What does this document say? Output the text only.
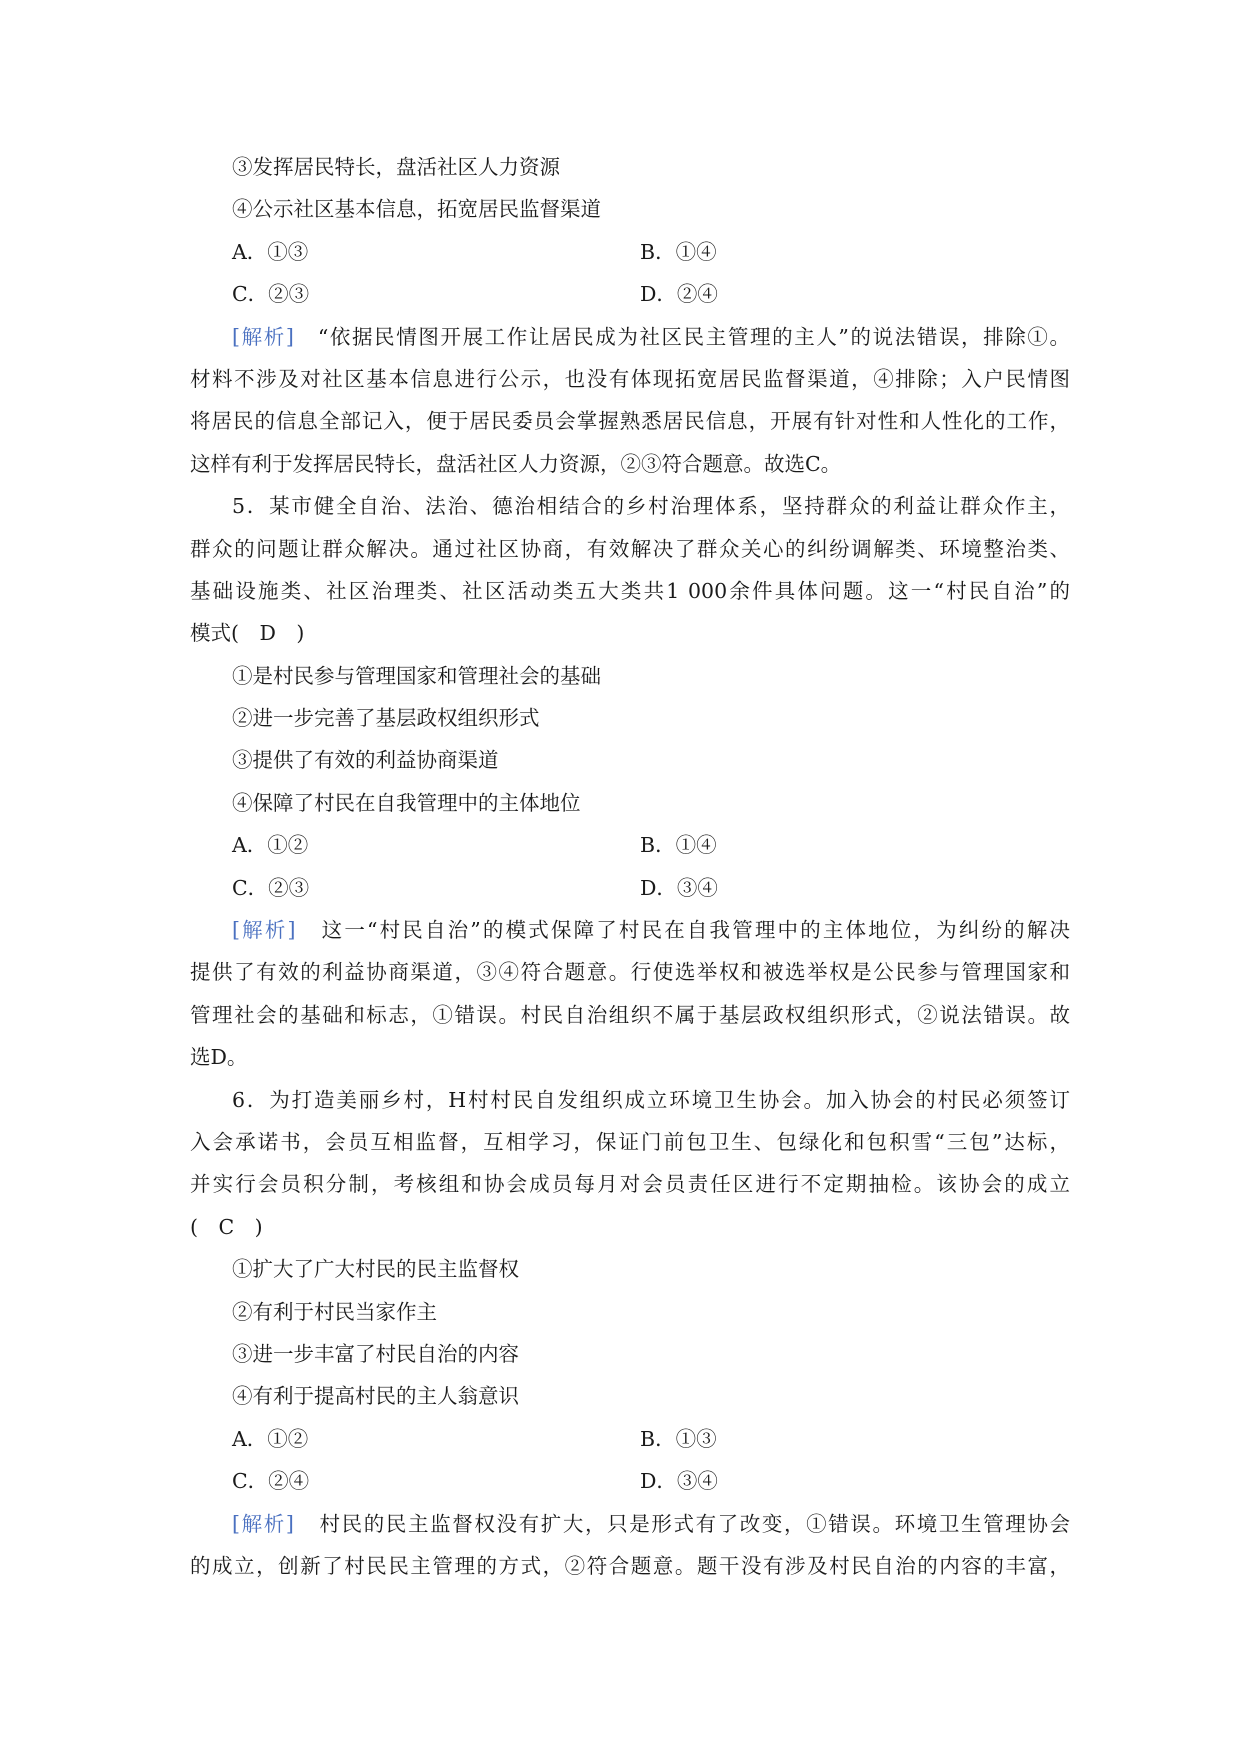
③发挥居民特长，盘活社区人力资源
④公示社区基本信息，拓宽居民监督渠道
A．①③	B．①④
C．②③	D．②④
[解析] “依据民情图开展工作让居民成为社区民主管理的主人”的说法错误，排除①。
材料不涉及对社区基本信息进行公示，也没有体现拓宽居民监督渠道，④排除；入户民情图
将居民的信息全部记入，便于居民委员会掌握熟悉居民信息，开展有针对性和人性化的工作，
这样有利于发挥居民特长，盘活社区人力资源，②③符合题意。故选C。
5．某市健全自治、法治、德治相结合的乡村治理体系，坚持群众的利益让群众作主，
群众的问题让群众解决。通过社区协商，有效解决了群众关心的纠纷调解类、环境整治类、
基础设施类、社区治理类、社区活动类五大类共1 000余件具体问题。这一“村民自治”的
模式(　D　)
①是村民参与管理国家和管理社会的基础
②进一步完善了基层政权组织形式
③提供了有效的利益协商渠道
④保障了村民在自我管理中的主体地位
A．①②	B．①④
C．②③	D．③④
[解析] 这一“村民自治”的模式保障了村民在自我管理中的主体地位，为纠纷的解决
提供了有效的利益协商渠道，③④符合题意。行使选举权和被选举权是公民参与管理国家和
管理社会的基础和标志，①错误。村民自治组织不属于基层政权组织形式，②说法错误。故
选D。
6．为打造美丽乡村，H村村民自发组织成立环境卫生协会。加入协会的村民必须签订
入会承诺书，会员互相监督，互相学习，保证门前包卫生、包绿化和包积雪“三包”达标，
并实行会员积分制，考核组和协会成员每月对会员责任区进行不定期抽检。该协会的成立
(　C　)
①扩大了广大村民的民主监督权
②有利于村民当家作主
③进一步丰富了村民自治的内容
④有利于提高村民的主人翁意识
A．①②	B．①③
C．②④	D．③④
[解析] 村民的民主监督权没有扩大，只是形式有了改变，①错误。环境卫生管理协会
的成立，创新了村民民主管理的方式，②符合题意。题干没有涉及村民自治的内容的丰富，
